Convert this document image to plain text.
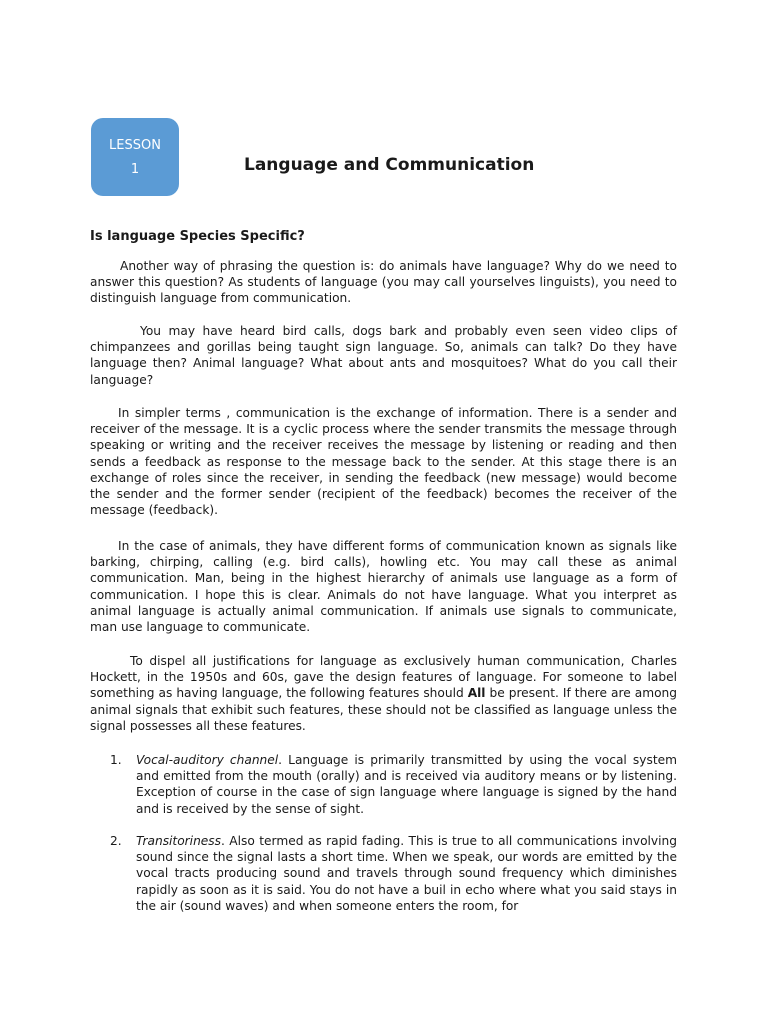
LESSON
1	Language and Communication
Is language Species Specific?

Another way of phrasing the question is: do animals have language? Why do we need to answer this question? As students of language (you may call yourselves linguists), you need to distinguish language from communication.

You may have heard bird calls, dogs bark and probably even seen video clips of chimpanzees and gorillas being taught sign language. So, animals can talk? Do they have language then? Animal language? What about ants and mosquitoes? What do you call their language?

In simpler terms , communication is the exchange of information. There is a sender and receiver of the message. It is a cyclic process where the sender transmits the message through speaking or writing and the receiver receives the message by listening or reading and then sends a feedback as response to the message back to the sender. At this stage there is an exchange of roles since the receiver, in sending the feedback (new message) would become the sender and the former sender (recipient of the feedback) becomes the receiver of the message (feedback).

In the case of animals, they have different forms of communication known as signals like barking, chirping, calling (e.g. bird calls), howling etc. You may call these as animal communication. Man, being in the highest hierarchy of animals use language as a form of communication. I hope this is clear. Animals do not have language. What you interpret as animal language is actually animal communication. If animals use signals to communicate, man use language to communicate.

To dispel all justifications for language as exclusively human communication, Charles Hockett, in the 1950s and 60s, gave the design features of language. For someone to label something as having language, the following features should All be present. If there are among animal signals that exhibit such features, these should not be classified as language unless the signal possesses all these features.

1. Vocal-auditory channel. Language is primarily transmitted by using the vocal system and emitted from the mouth (orally) and is received via auditory means or by listening. Exception of course in the case of sign language where language is signed by the hand and is received by the sense of sight.
2. Transitoriness. Also termed as rapid fading. This is true to all communications involving sound since the signal lasts a short time. When we speak, our words are emitted by the vocal tracts producing sound and travels through sound frequency which diminishes rapidly as soon as it is said. You do not have a buil in echo where what you said stays in the air (sound waves) and when someone enters the room, for
